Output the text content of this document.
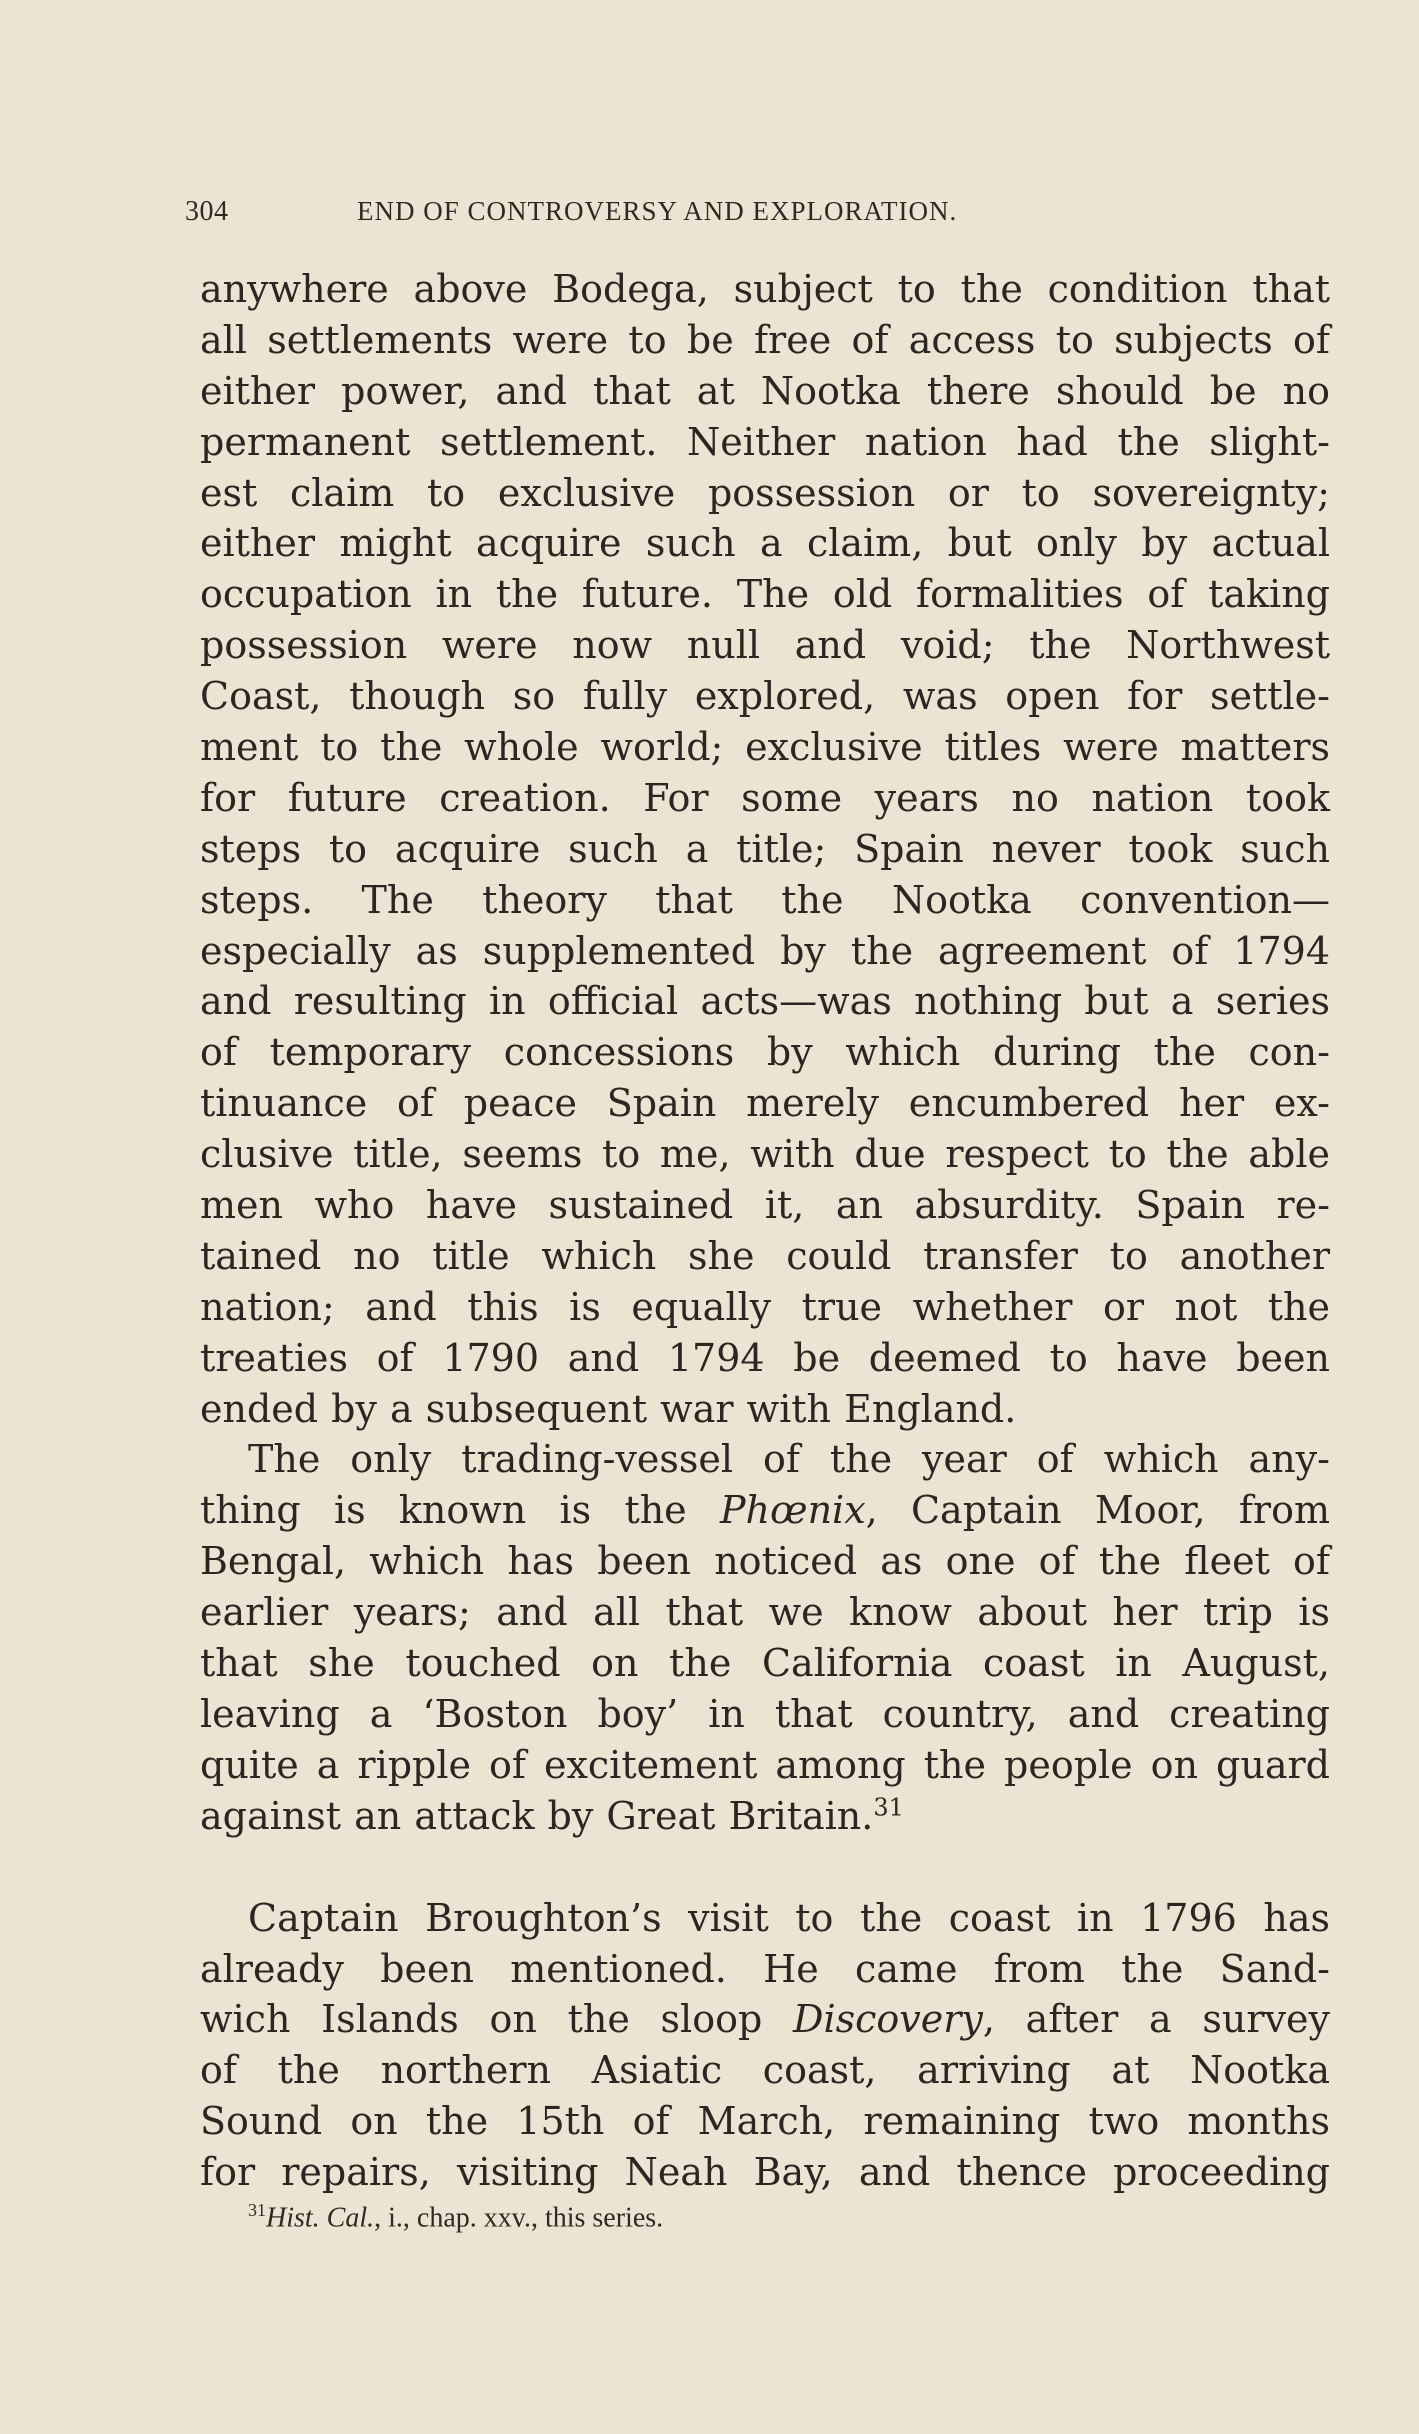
304	END OF CONTROVERSY AND EXPLORATION.
anywhere above Bodega, subject to the condition that
all settlements were to be free of access to subjects of
either power, and that at Nootka there should be no
permanent settlement. Neither nation had the slight-
est claim to exclusive possession or to sovereignty;
either might acquire such a claim, but only by actual
occupation in the future. The old formalities of taking
possession were now null and void; the Northwest
Coast, though so fully explored, was open for settle-
ment to the whole world; exclusive titles were matters
for future creation. For some years no nation took
steps to acquire such a title; Spain never took such
steps. The theory that the Nootka convention—
especially as supplemented by the agreement of 1794
and resulting in official acts—was nothing but a series
of temporary concessions by which during the con-
tinuance of peace Spain merely encumbered her ex-
clusive title, seems to me, with due respect to the able
men who have sustained it, an absurdity. Spain re-
tained no title which she could transfer to another
nation; and this is equally true whether or not the
treaties of 1790 and 1794 be deemed to have been
ended by a subsequent war with England.
The only trading-vessel of the year of which any-
thing is known is the Phœnix, Captain Moor, from
Bengal, which has been noticed as one of the fleet of
earlier years; and all that we know about her trip is
that she touched on the California coast in August,
leaving a ‘Boston boy’ in that country, and creating
quite a ripple of excitement among the people on guard
against an attack by Great Britain.$^{31}$
Captain Broughton’s visit to the coast in 1796 has
already been mentioned. He came from the Sand-
wich Islands on the sloop Discovery, after a survey
of the northern Asiatic coast, arriving at Nootka
Sound on the 15th of March, remaining two months
for repairs, visiting Neah Bay, and thence proceeding
$^{31}$Hist. Cal., i., chap. xxv., this series.
